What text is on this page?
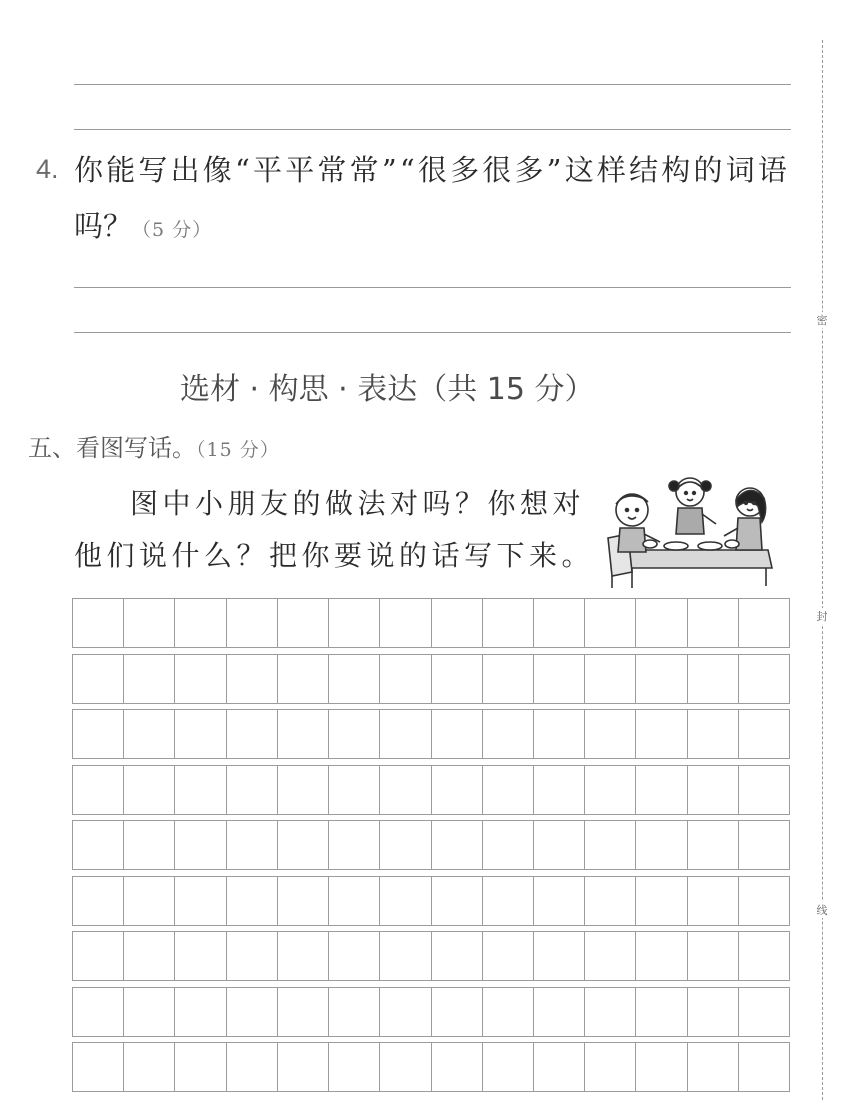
4. 你能写出像“平平常常”“很多很多”这样结构的词语
吗？（5 分）
选材 · 构思 · 表达（共 15 分）
五、看图写话。（15 分）
图中小朋友的做法对吗？你想对
他们说什么？把你要说的话写下来。
密
封
线
